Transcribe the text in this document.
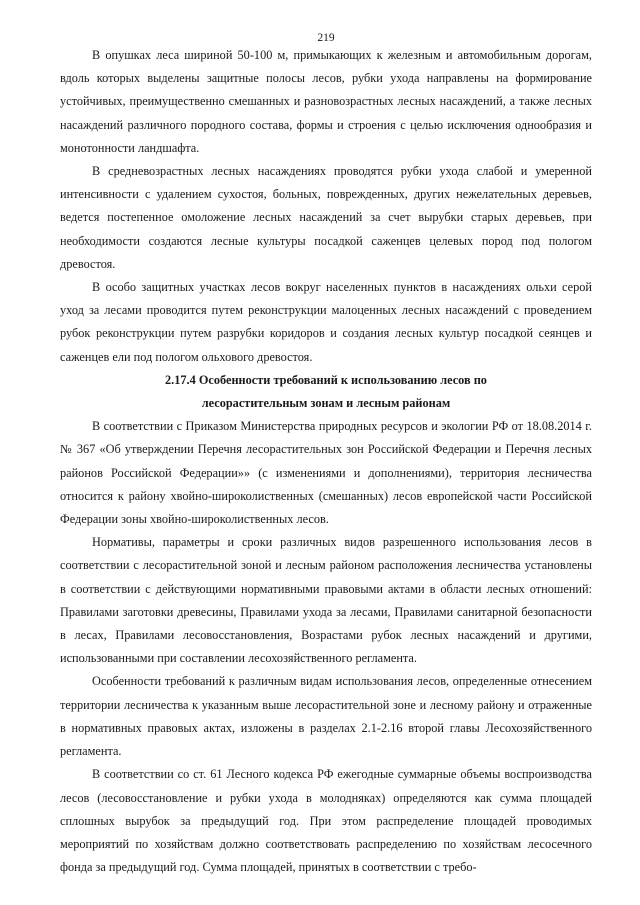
219

В опушках леса шириной 50-100 м, примыкающих к железным и автомобильным дорогам, вдоль которых выделены защитные полосы лесов, рубки ухода направлены на формирование устойчивых, преимущественно смешанных и разновозрастных лесных насаждений, а также лесных насаждений различного породного состава, формы и строения с целью исключения однообразия и монотонности ландшафта.

В средневозрастных лесных насаждениях проводятся рубки ухода слабой и умеренной интенсивности с удалением сухостоя, больных, поврежденных, других нежелательных деревьев, ведется постепенное омоложение лесных насаждений за счет вырубки старых деревьев, при необходимости создаются лесные культуры посадкой саженцев целевых пород под пологом древостоя.

В особо защитных участках лесов вокруг населенных пунктов в насаждениях ольхи серой уход за лесами проводится путем реконструкции малоценных лесных насаждений с проведением рубок реконструкции путем разрубки коридоров и создания лесных культур посадкой сеянцев и саженцев ели под пологом ольхового древостоя.

2.17.4 Особенности требований к использованию лесов по
лесорастительным зонам и лесным районам

В соответствии с Приказом Министерства природных ресурсов и экологии РФ от 18.08.2014 г. № 367 «Об утверждении Перечня лесорастительных зон Российской Федерации и Перечня лесных районов Российской Федерации»» (с изменениями и дополнениями), территория лесничества относится к району хвойно-широколиственных (смешанных) лесов европейской части Российской Федерации зоны хвойно-широколиственных лесов.

Нормативы, параметры и сроки различных видов разрешенного использования лесов в соответствии с лесорастительной зоной и лесным районом расположения лесничества установлены в соответствии с действующими нормативными правовыми актами в области лесных отношений: Правилами заготовки древесины, Правилами ухода за лесами, Правилами санитарной безопасности в лесах, Правилами лесовосстановления, Возрастами рубок лесных насаждений и другими, использованными при составлении лесохозяйственного регламента.

Особенности требований к различным видам использования лесов, определенные отнесением территории лесничества к указанным выше лесорастительной зоне и лесному району и отраженные в нормативных правовых актах, изложены в разделах 2.1-2.16 второй главы Лесохозяйственного регламента.

В соответствии со ст. 61 Лесного кодекса РФ ежегодные суммарные объемы воспроизводства лесов (лесовосстановление и рубки ухода в молодняках) определяются как сумма площадей сплошных вырубок за предыдущий год. При этом распределение площадей проводимых мероприятий по хозяйствам должно соответствовать распределению по хозяйствам лесосечного фонда за предыдущий год. Сумма площадей, принятых в соответствии с требо-
